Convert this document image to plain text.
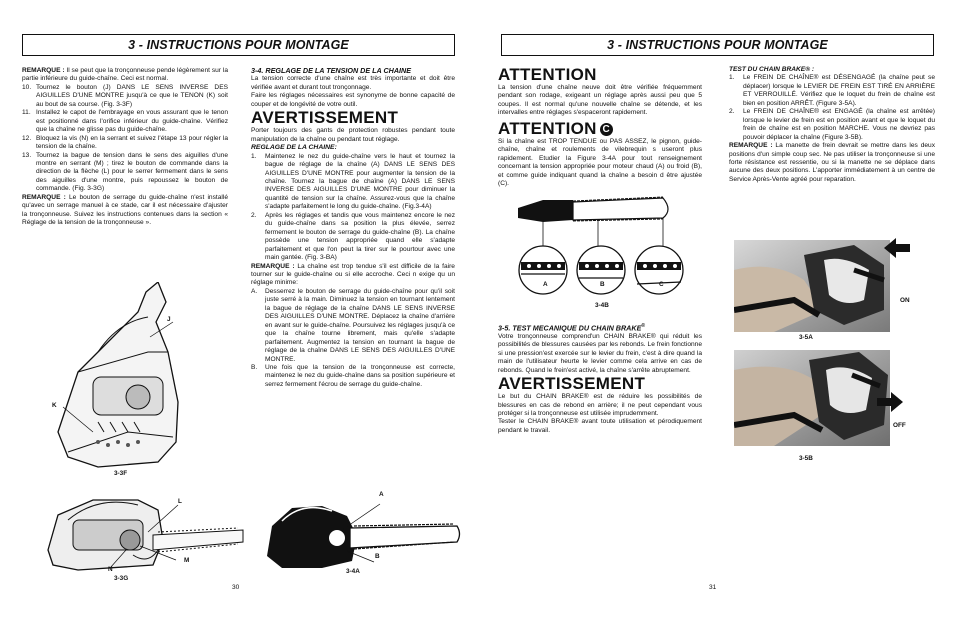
3 - INSTRUCTIONS POUR MONTAGE

REMARQUE : Il se peut que la tronçonneuse pende légèrement sur la partie inférieure du guide-chaîne. Ceci est normal.

10. Tournez le bouton (J) DANS LE SENS INVERSE DES AIGUILLES D'UNE MONTRE jusqu'à ce que le TENON (K) soit au bout de sa course. (Fig. 3-3F)
11. Installez le capot de l'embrayage en vous assurant que le tenon est positionné dans l'orifice inférieur du guide-chaîne. Vérifiez que la chaîne ne glisse pas du guide-chaîne.
12. Bloquez la vis (N) en la serrant et suivez l'étape 13 pour régler la tension de la chaîne.
13. Tournez la bague de tension dans le sens des aiguilles d'une montre en serrant (M) ; tirez le bouton de commande dans la direction de la flèche (L) pour le serrer fermement dans le sens des aiguilles d'une montre, puis repoussez le bouton de commande. (Fig. 3-3G)

REMARQUE : Le bouton de serrage du guide-chaîne n'est installé qu'avec un serrage manuel à ce stade, car il est nécessaire d'ajuster la tronçonneuse. Suivez les instructions contenues dans la section « Réglage de la tension de la tronçonneuse ».

J
K
3-3F
L
M
N
3-3G
3-4. REGLAGE DE LA TENSION DE LA CHAINE

La tension correcte d'une chaîne est très importante et doit être vérifiée avant et durant tout tronçonnage.

Faire les réglages nécessaires est synonyme de bonne capacité de couper et de longévité de votre outil.

AVERTISSEMENT

Porter toujours des gants de protection robustes pendant toute manipulation de la chaîne ou pendant tout réglage.

REGLAGE DE LA CHAINE:
1.	Maintenez le nez du guide-chaîne vers le haut et tournez la bague de réglage de la chaîne (A) DANS LE SENS DES AIGUILLES D'UNE MONTRE pour augmenter la tension de la chaîne. Tournez la bague de chaîne (A) DANS LE SENS INVERSE DES AIGUILLES D'UNE MONTRE pour diminuer la quantité de tension sur la chaîne. Assurez-vous que la chaîne s'adapte parfaitement le long du guide-chaîne. (Fig.3-4A)
2.	Après les réglages et tandis que vous maintenez encore le nez du guide-chaîne dans sa position la plus élevée, serrez fermement le bouton de serrage du guide-chaîne (B). La chaîne possède une tension appropriée quand elle s'adapte parfaitement et que l'on peut la tirer sur le pourtour avec une main gantée. (Fig. 3-BA)

REMARQUE : La chaîne est trop tendue s'il est difficile de la faire tourner sur le guide-chaîne ou si elle accroche. Ceci n exige qu un réglage minime:

A.	Desserrez le bouton de serrage du guide-chaîne pour qu'il soit juste serré à la main. Diminuez la tension en tournant lentement la bague de réglage de la chaîne DANS LE SENS INVERSE DES AIGUILLES D'UNE MONTRE. Déplacez la chaîne d'arrière en avant sur le guide-chaîne. Poursuivez les réglages jusqu'à ce que la chaîne tourne librement, mais qu'elle s'adapte parfaitement. Augmentez la tension en tournant la bague de réglage de la chaîne DANS LE SENS DES AIGUILLES D'UNE MONTRE.
B.	Une fois que la tension de la tronçonneuse est correcte, maintenez le nez du guide-chaîne dans sa position supérieure et serrez fermement l'écrou de serrage du guide-chaîne.
A
B
3-4A
30
3 - INSTRUCTIONS POUR MONTAGE
ATTENTION

La tension d'une chaîne neuve doit être vérifiée fréquemment pendant son rodage, exigeant un réglage après aussi peu que 5 coupes. Il est normal qu'une nouvelle chaîne se détende, et les intervalles entre réglages s'espaceront rapidement.

ATTENTION C

Si la chaîne est TROP TENDUE ou PAS ASSEZ, le pignon, guide-chaîne, chaîne et roulements de vilebrequin s useront plus rapidement. Etudier la Figure 3-4A pour tout renseignement concernant la tension appropriée pour moteur chaud (A) ou froid (B), et comme guide indiquant quand la chaîne a besoin d être ajustée (C).

A	B	C
3-4B
3-5. TEST MECANIQUE DU CHAIN BRAKE®

Votre tronçonneuse comprend'un CHAIN BRAKE® qui réduit les possibilités de blessures causées par les rebonds. Le frein fonctionne si une pression'est exercée sur le levier du frein, c'est à dire quand la main de l'utilisateur heurte le levier comme cela arrive en cas de rebonds. Quand le frein'est activé, la chaîne s'arrête abruptement.

AVERTISSEMENT

Le but du CHAIN BRAKE® est de réduire les possibilités de blessures en cas de rebond en arrière; il ne peut cependant vous protéger si la tronçonneuse est utilisée imprudemment.

Tester le CHAIN BRAKE® avant toute utilisation et pérodiquement pendant le travail.

TEST DU CHAIN BRAKE® :
1.	Le FREIN DE CHAÎNE® est DÉSENGAGÉ (la chaîne peut se déplacer) lorsque le LEVIER DE FREIN EST TIRÉ EN ARRIÈRE ET VERROUILLÉ. Vérifiez que le loquet du frein de chaîne est bien en position ARRÊT. (Figure 3-5A).
2.	Le FREIN DE CHAÎNE® est ENGAGÉ (la chaîne est arrêtée) lorsque le levier de frein est en position avant et que le loquet du frein de chaîne est en position MARCHE. Vous ne devriez pas pouvoir déplacer la chaîne (Figure 3-5B).

REMARQUE : La manette de frein devrait se mettre dans les deux positions d'un simple coup sec. Ne pas utiliser la tronçonneuse si une forte résistance est ressentie, ou si la manette ne se déplace dans aucune des deux positions. L'apporter immédiatement à un centre de Service Après-Vente agréé pour reparation.

ON
3-5A
OFF
3-5B
31
